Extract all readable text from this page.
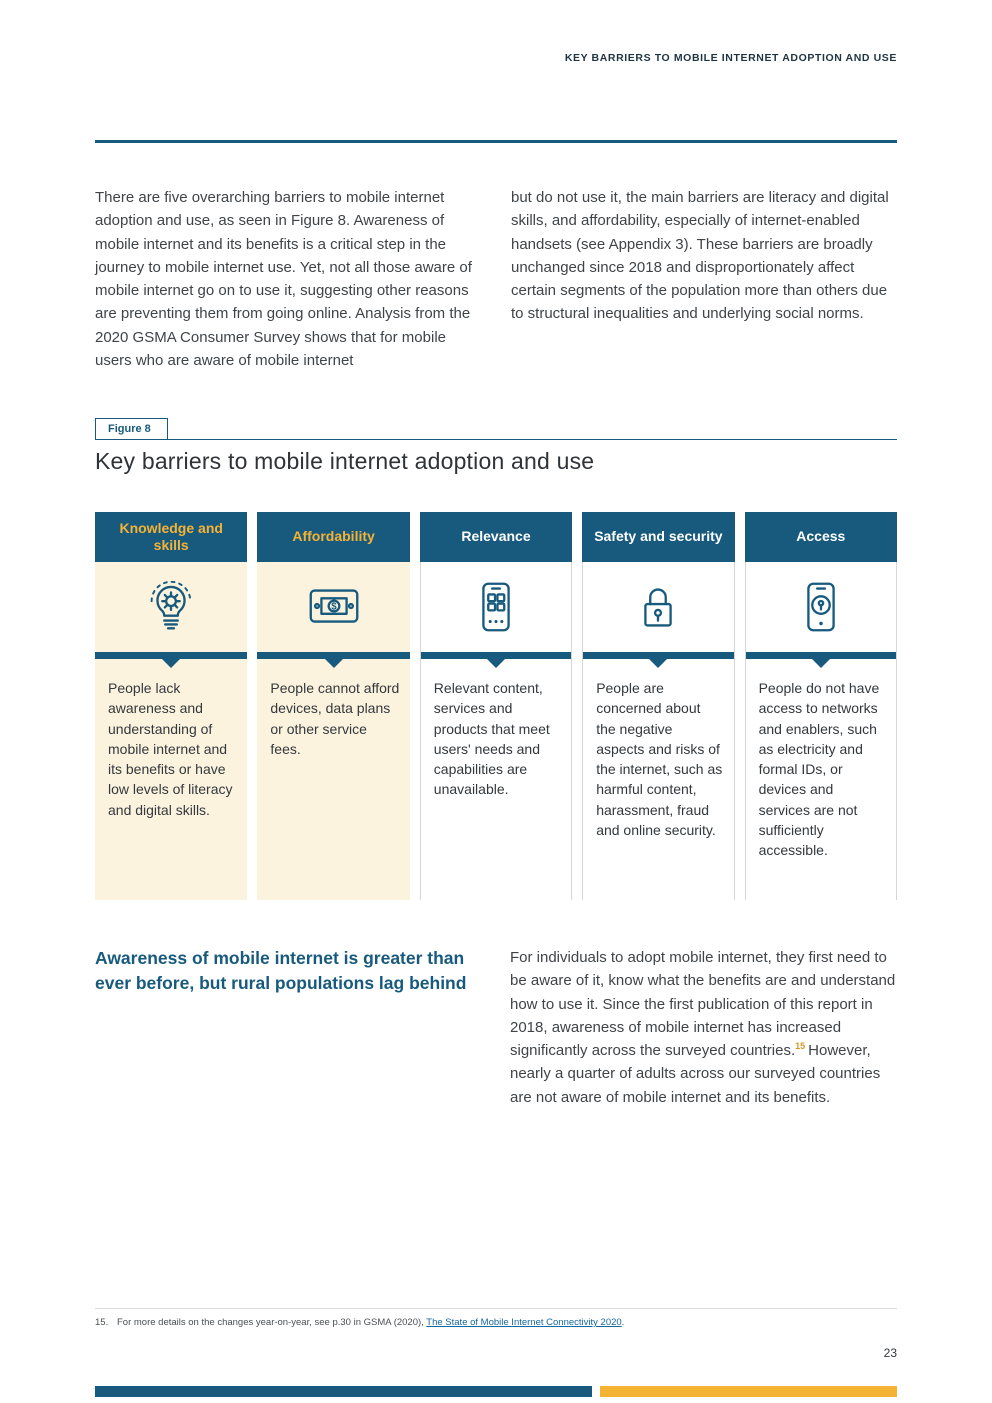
KEY BARRIERS TO MOBILE INTERNET ADOPTION AND USE

There are five overarching barriers to mobile internet adoption and use, as seen in Figure 8. Awareness of mobile internet and its benefits is a critical step in the journey to mobile internet use. Yet, not all those aware of mobile internet go on to use it, suggesting other reasons are preventing them from going online. Analysis from the 2020 GSMA Consumer Survey shows that for mobile users who are aware of mobile internet

but do not use it, the main barriers are literacy and digital skills, and affordability, especially of internet-enabled handsets (see Appendix 3). These barriers are broadly unchanged since 2018 and disproportionately affect certain segments of the population more than others due to structural inequalities and underlying social norms.

Figure 8
Key barriers to mobile internet adoption and use
Knowledge and skills
People lack awareness and understanding of mobile internet and its benefits or have low levels of literacy and digital skills.
Affordability
$
People cannot afford devices, data plans or other service fees.
Relevance
Relevant content, services and products that meet users' needs and capabilities are unavailable.
Safety and security
People are concerned about the negative aspects and risks of the internet, such as harmful content, harassment, fraud and online security.
Access
People do not have access to networks and enablers, such as electricity and formal IDs, or devices and services are not sufficiently accessible.
Awareness of mobile internet is greater than ever before, but rural populations lag behind

For individuals to adopt mobile internet, they first need to be aware of it, know what the benefits are and understand how to use it. Since the first publication of this report in 2018, awareness of mobile internet has increased significantly across the surveyed countries.$^{15}$ However, nearly a quarter of adults across our surveyed countries are not aware of mobile internet and its benefits.

15. For more details on the changes year-on-year, see p.30 in GSMA (2020), The State of Mobile Internet Connectivity 2020.
23
